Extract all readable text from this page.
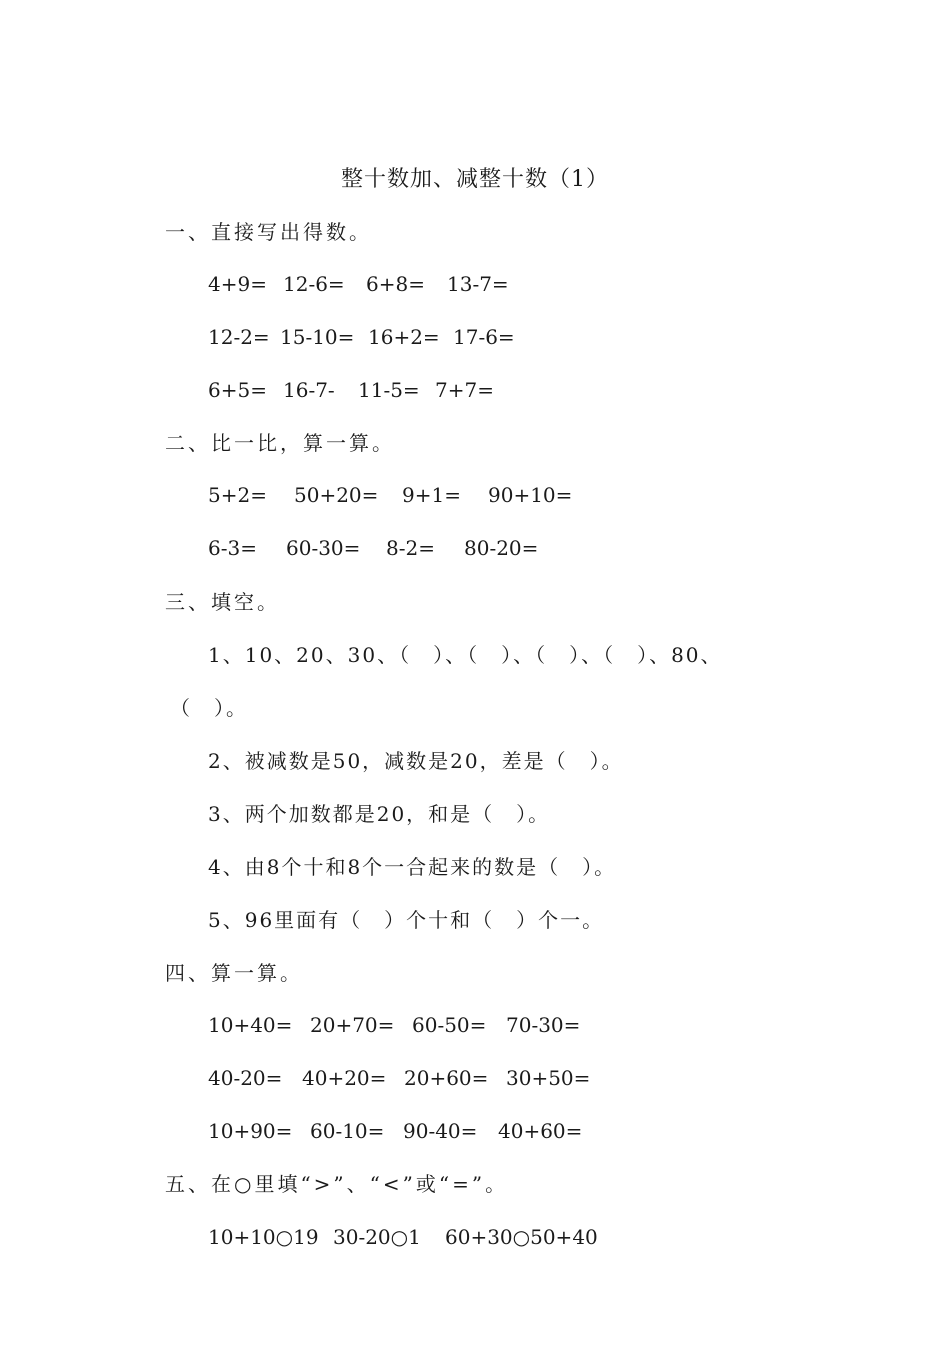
整十数加、减整十数（1）
一、直接写出得数。
4+9= 12-6= 6+8= 13-7=
12-2= 15-10= 16+2= 17-6=
6+5= 16-7- 11-5= 7+7=
二、比一比，算一算。
5+2= 50+20= 9+1= 90+10=
6-3= 60-30= 8-2= 80-20=
三、填空。
1、10、20、30、（　）、（　）、（　）、（　）、80、
（　）。
2、被减数是50，减数是20，差是（　）。
3、两个加数都是20，和是（　）。
4、由8个十和8个一合起来的数是（　）。
5、96里面有（　）个十和（　）个一。
四、算一算。
10+40= 20+70= 60-50= 70-30=
40-20= 40+20= 20+60= 30+50=
10+90= 60-10= 90-40= 40+60=
五、在○里填“>”、“<”或“=”。
10+10○19 30-20○1 60+30○50+40
